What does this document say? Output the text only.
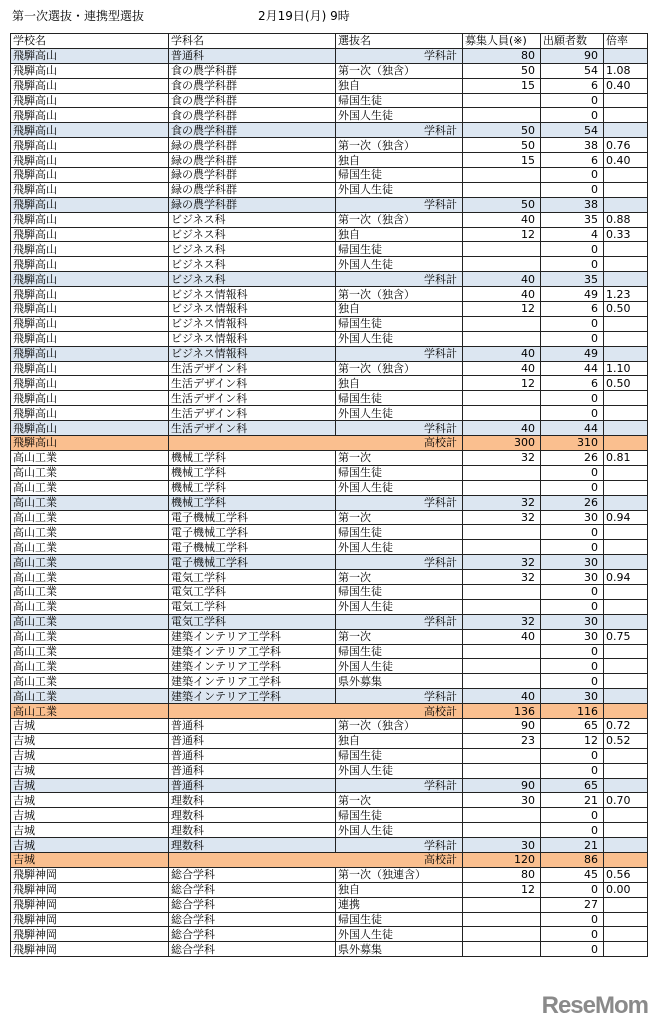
第一次選抜・連携型選抜	2月19日(月) 9時
学校名	学科名	選抜名	募集人員(※)	出願者数	倍率
飛騨高山	普通科	学科計	80	90	
飛騨高山	食の農学科群	第一次（独含）	50	54	1.08
飛騨高山	食の農学科群	独自	15	6	0.40
飛騨高山	食の農学科群	帰国生徒		0	
飛騨高山	食の農学科群	外国人生徒		0	
飛騨高山	食の農学科群	学科計	50	54	
飛騨高山	緑の農学科群	第一次（独含）	50	38	0.76
飛騨高山	緑の農学科群	独自	15	6	0.40
飛騨高山	緑の農学科群	帰国生徒		0	
飛騨高山	緑の農学科群	外国人生徒		0	
飛騨高山	緑の農学科群	学科計	50	38	
飛騨高山	ビジネス科	第一次（独含）	40	35	0.88
飛騨高山	ビジネス科	独自	12	4	0.33
飛騨高山	ビジネス科	帰国生徒		0	
飛騨高山	ビジネス科	外国人生徒		0	
飛騨高山	ビジネス科	学科計	40	35	
飛騨高山	ビジネス情報科	第一次（独含）	40	49	1.23
飛騨高山	ビジネス情報科	独自	12	6	0.50
飛騨高山	ビジネス情報科	帰国生徒		0	
飛騨高山	ビジネス情報科	外国人生徒		0	
飛騨高山	ビジネス情報科	学科計	40	49	
飛騨高山	生活デザイン科	第一次（独含）	40	44	1.10
飛騨高山	生活デザイン科	独自	12	6	0.50
飛騨高山	生活デザイン科	帰国生徒		0	
飛騨高山	生活デザイン科	外国人生徒		0	
飛騨高山	生活デザイン科	学科計	40	44	
飛騨高山		高校計	300	310	
高山工業	機械工学科	第一次	32	26	0.81
高山工業	機械工学科	帰国生徒		0	
高山工業	機械工学科	外国人生徒		0	
高山工業	機械工学科	学科計	32	26	
高山工業	電子機械工学科	第一次	32	30	0.94
高山工業	電子機械工学科	帰国生徒		0	
高山工業	電子機械工学科	外国人生徒		0	
高山工業	電子機械工学科	学科計	32	30	
高山工業	電気工学科	第一次	32	30	0.94
高山工業	電気工学科	帰国生徒		0	
高山工業	電気工学科	外国人生徒		0	
高山工業	電気工学科	学科計	32	30	
高山工業	建築インテリア工学科	第一次	40	30	0.75
高山工業	建築インテリア工学科	帰国生徒		0	
高山工業	建築インテリア工学科	外国人生徒		0	
高山工業	建築インテリア工学科	県外募集		0	
高山工業	建築インテリア工学科	学科計	40	30	
高山工業		高校計	136	116	
吉城	普通科	第一次（独含）	90	65	0.72
吉城	普通科	独自	23	12	0.52
吉城	普通科	帰国生徒		0	
吉城	普通科	外国人生徒		0	
吉城	普通科	学科計	90	65	
吉城	理数科	第一次	30	21	0.70
吉城	理数科	帰国生徒		0	
吉城	理数科	外国人生徒		0	
吉城	理数科	学科計	30	21	
吉城		高校計	120	86	
飛騨神岡	総合学科	第一次（独連含）	80	45	0.56
飛騨神岡	総合学科	独自	12	0	0.00
飛騨神岡	総合学科	連携		27	
飛騨神岡	総合学科	帰国生徒		0	
飛騨神岡	総合学科	外国人生徒		0	
飛騨神岡	総合学科	県外募集		0	
ReseMom
